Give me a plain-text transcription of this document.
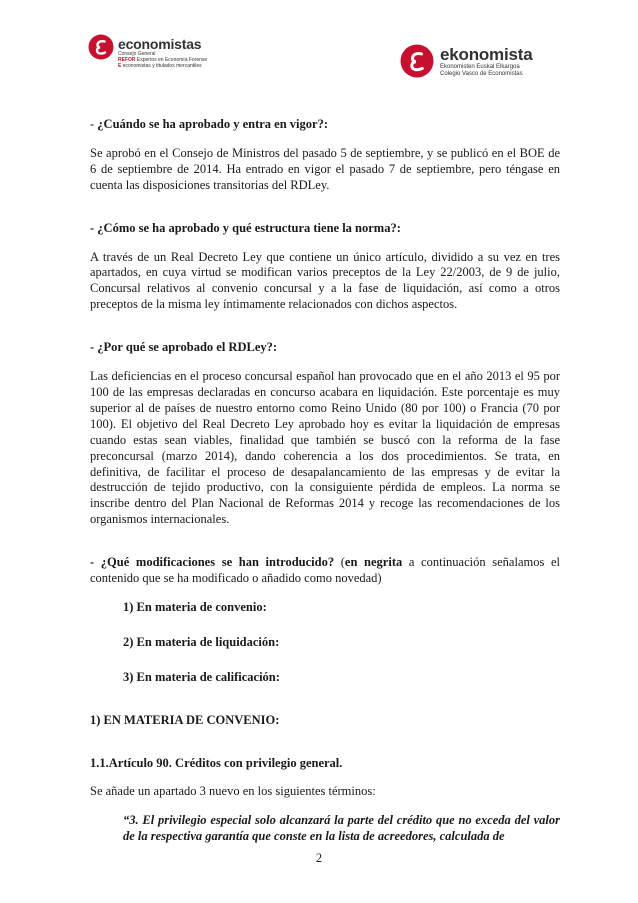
economistas
Consejo General
REFOR Expertos en Economía Forense
E economistas y titulados mercantiles
ekonomista
Ekonomisten Euskal Elkargoa
Colegio Vasco de Economistas

- ¿Cuándo se ha aprobado y entra en vigor?:

Se aprobó en el Consejo de Ministros del pasado 5 de septiembre, y se publicó en el BOE de 6 de septiembre de 2014. Ha entrado en vigor el pasado 7 de septiembre, pero téngase en cuenta las disposiciones transitorias del RDLey.

- ¿Cómo se ha aprobado y qué estructura tiene la norma?:

A través de un Real Decreto Ley que contiene un único artículo, dividido a su vez en tres apartados, en cuya virtud se modifican varios preceptos de la Ley 22/2003, de 9 de julio, Concursal relativos al convenio concursal y a la fase de liquidación, así como a otros preceptos de la misma ley íntimamente relacionados con dichos aspectos.

- ¿Por qué se aprobado el RDLey?:

Las deficiencias en el proceso concursal español han provocado que en el año 2013 el 95 por 100 de las empresas declaradas en concurso acabara en liquidación. Este porcentaje es muy superior al de países de nuestro entorno como Reino Unido (80 por 100) o Francia (70 por 100). El objetivo del Real Decreto Ley aprobado hoy es evitar la liquidación de empresas cuando estas sean viables, finalidad que también se buscó con la reforma de la fase preconcursal (marzo 2014), dando coherencia a los dos procedimientos. Se trata, en definitiva, de facilitar el proceso de desapalancamiento de las empresas y de evitar la destrucción de tejido productivo, con la consiguiente pérdida de empleos. La norma se inscribe dentro del Plan Nacional de Reformas 2014 y recoge las recomendaciones de los organismos internacionales.

- ¿Qué modificaciones se han introducido? (en negrita a continuación señalamos el contenido que se ha modificado o añadido como novedad)

1) En materia de convenio:

2) En materia de liquidación:

3) En materia de calificación:

1) EN MATERIA DE CONVENIO:

1.1.Artículo 90. Créditos con privilegio general.

Se añade un apartado 3 nuevo en los siguientes términos:

“3. El privilegio especial solo alcanzará la parte del crédito que no exceda del valor de la respectiva garantía que conste en la lista de acreedores, calculada de

2
